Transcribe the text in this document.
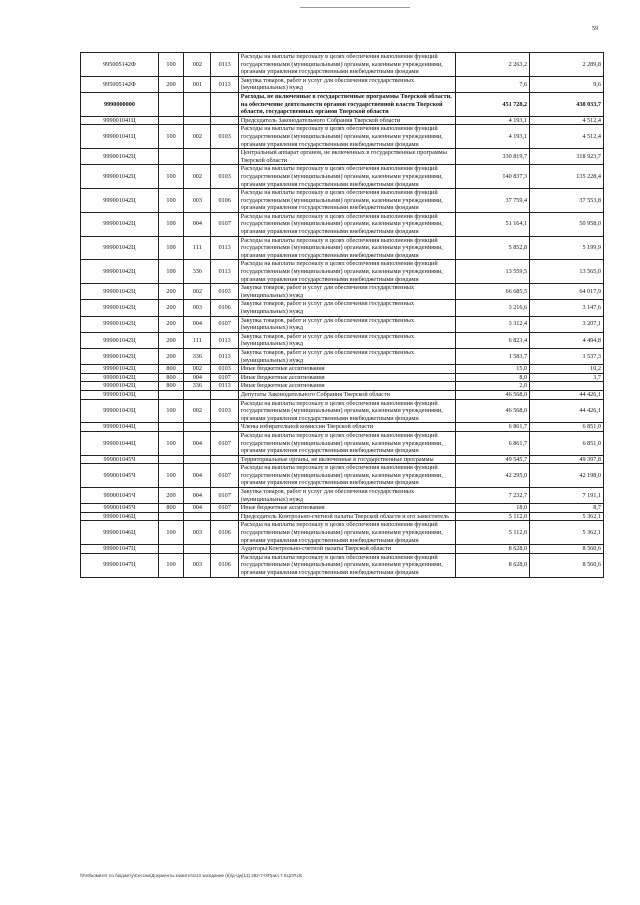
59
995005142Ф	100	002	0113	Расходы на выплаты персоналу в целях обеспечения выполнения функций государственными (муниципальными) органами, казенными учреждениями, органами управления государственными внебюджетными фондами	2 263,2	2 289,8
995005142Ф	200	001	0113	Закупка товаров, работ и услуг для обеспечения государственных (муниципальных) нужд	7,6	9,6
9990000000				Расходы, не включенные в государственные программы Тверской области, на обеспечение деятельности органов государственной власти Тверской области, государственных органов Тверской области	451 728,2	438 033,7
999001041Ц				Председатель Законодательного Собрания Тверской области	4 193,1	4 512,4
999001041Ц	100	002	0103	Расходы на выплаты персоналу в целях обеспечения выполнения функций государственными (муниципальными) органами, казенными учреждениями, органами управления государственными внебюджетными фондами	4 193,1	4 512,4
999001042Ц				Центральный аппарат органов, не включенных в государственные программы Тверской области	330 819,7	318 923,7
999001042Ц	100	002	0103	Расходы на выплаты персоналу в целях обеспечения выполнения функций государственными (муниципальными) органами, казенными учреждениями, органами управления государственными внебюджетными фондами	140 837,3	135 228,4
999001042Ц	100	003	0106	Расходы на выплаты персоналу в целях обеспечения выполнения функций государственными (муниципальными) органами, казенными учреждениями, органами управления государственными внебюджетными фондами	37 759,4	37 553,8
999001042Ц	100	004	0107	Расходы на выплаты персоналу в целях обеспечения выполнения функций государственными (муниципальными) органами, казенными учреждениями, органами управления государственными внебюджетными фондами	51 164,1	50 958,0
999001042Ц	100	111	0113	Расходы на выплаты персоналу в целях обеспечения выполнения функций государственными (муниципальными) органами, казенными учреждениями, органами управления государственными внебюджетными фондами	5 852,8	5 199,9
999001042Ц	100	336	0113	Расходы на выплаты персоналу в целях обеспечения выполнения функций государственными (муниципальными) органами, казенными учреждениями, органами управления государственными внебюджетными фондами	13 559,5	13 565,0
999001042Ц	200	002	0103	Закупка товаров, работ и услуг для обеспечения государственных (муниципальных) нужд	66 685,5	64 017,9
999001042Ц	200	003	0106	Закупка товаров, работ и услуг для обеспечения государственных (муниципальных) нужд	3 216,6	3 147,6
999001042Ц	200	004	0107	Закупка товаров, работ и услуг для обеспечения государственных (муниципальных) нужд	3 312,4	3 207,1
999001042Ц	200	111	0113	Закупка товаров, работ и услуг для обеспечения государственных (муниципальных) нужд	6 823,4	4 494,8
999001042Ц	200	336	0113	Закупка товаров, работ и услуг для обеспечения государственных (муниципальных) нужд	1 583,7	1 537,3
999001042Ц	800	002	0103	Иные бюджетные ассигнования	15,0	10,2
999001042Ц	800	004	0107	Иные бюджетные ассигнования	8,0	3,7
999001042Ц	800	336	0113	Иные бюджетные ассигнования	2,0	
999001043Ц				Депутаты Законодательного Собрания Тверской области	46 568,0	44 426,1
999001043Ц	100	002	0103	Расходы на выплаты персоналу в целях обеспечения выполнения функций государственными (муниципальными) органами, казенными учреждениями, органами управления государственными внебюджетными фондами	46 568,0	44 426,1
999001044Ц				Члены избирательной комиссии Тверской области	6 861,7	6 851,0
999001044Ц	100	004	0107	Расходы на выплаты персоналу в целях обеспечения выполнения функций государственными (муниципальными) органами, казенными учреждениями, органами управления государственными внебюджетными фондами	6 861,7	6 851,0
999001045Ч				Территориальные органы, не включенные в государственные программы	49 545,7	49 397,8
999001045Ч	100	004	0107	Расходы на выплаты персоналу в целях обеспечения выполнения функций государственными (муниципальными) органами, казенными учреждениями, органами управления государственными внебюджетными фондами	42 295,0	42 198,0
999001045Ч	200	004	0107	Закупка товаров, работ и услуг для обеспечения государственных (муниципальных) нужд	7 232,7	7 191,1
999001045Ч	800	004	0107	Иные бюджетные ассигнования	18,0	8,7
999001046Ц				Председатель Контрольно-счетной палаты Тверской области и его заместитель	5 112,0	5 362,1
999001046Ц	100	003	0106	Расходы на выплаты персоналу в целях обеспечения выполнения функций государственными (муниципальными) органами, казенными учреждениями, органами управления государственными внебюджетными фондами	5 112,0	5 362,1
999001047Ц				Аудиторы Контрольно-счетной палаты Тверской области	8 628,0	8 560,6
999001047Ц	100	003	0106	Расходы на выплаты персоналу в целях обеспечения выполнения функций государственными (муниципальными) органами, казенными учреждениями, органами управления государственными внебюджетными фондами	8 628,0	8 560,6
\\Fs0\комитет по бюджету\Сессии\Документы комитета\13 заседание (5)\д-\дк(13) 282-7-0\Прил 7 КЦСР.xls
